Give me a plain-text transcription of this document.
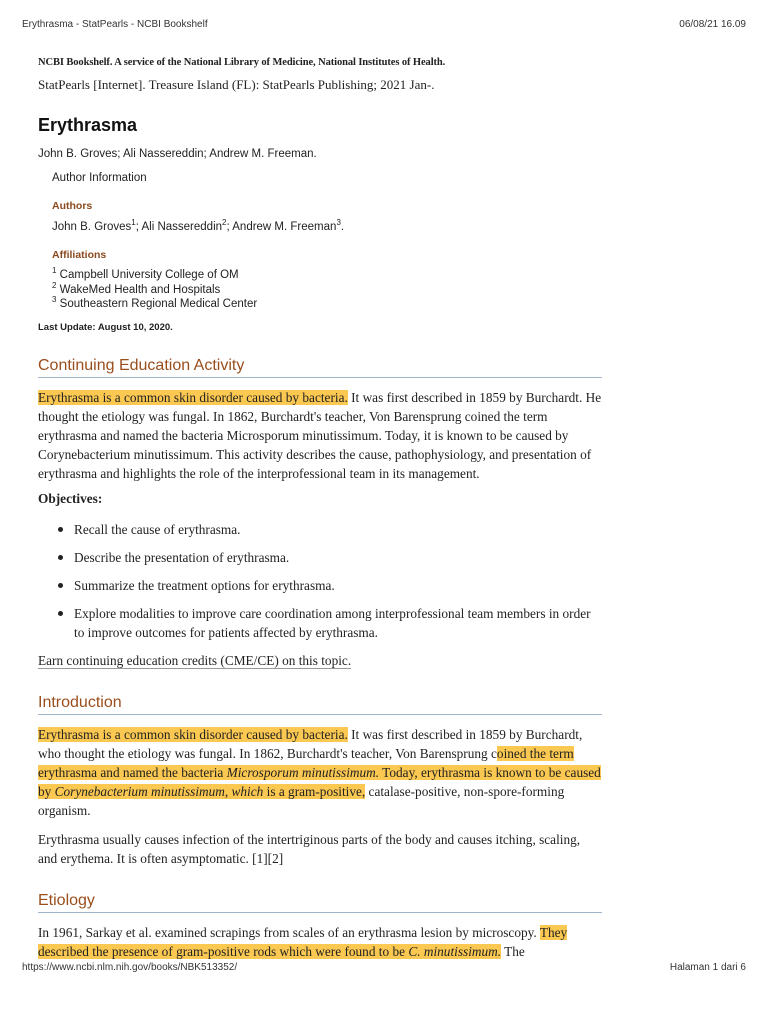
Erythrasma - StatPearls - NCBI Bookshelf	06/08/21 16.09
NCBI Bookshelf. A service of the National Library of Medicine, National Institutes of Health.
StatPearls [Internet]. Treasure Island (FL): StatPearls Publishing; 2021 Jan-.
Erythrasma
John B. Groves; Ali Nassereddin; Andrew M. Freeman.
Author Information
Authors
John B. Groves$^1$; Ali Nassereddin$^2$; Andrew M. Freeman$^3$.
Affiliations
$^1$ Campbell University College of OM
$^2$ WakeMed Health and Hospitals
$^3$ Southeastern Regional Medical Center
Last Update: August 10, 2020.
Continuing Education Activity

Erythrasma is a common skin disorder caused by bacteria. It was first described in 1859 by Burchardt. He thought the etiology was fungal. In 1862, Burchardt's teacher, Von Barensprung coined the term erythrasma and named the bacteria Microsporum minutissimum. Today, it is known to be caused by Corynebacterium minutissimum. This activity describes the cause, pathophysiology, and presentation of erythrasma and highlights the role of the interprofessional team in its management.

Objectives:
Recall the cause of erythrasma.
Describe the presentation of erythrasma.
Summarize the treatment options for erythrasma.
Explore modalities to improve care coordination among interprofessional team members in order to improve outcomes for patients affected by erythrasma.

Earn continuing education credits (CME/CE) on this topic.

Introduction

Erythrasma is a common skin disorder caused by bacteria. It was first described in 1859 by Burchardt, who thought the etiology was fungal. In 1862, Burchardt's teacher, Von Barensprung coined the term erythrasma and named the bacteria Microsporum minutissimum. Today, erythrasma is known to be caused by Corynebacterium minutissimum, which is a gram-positive, catalase-positive, non-spore-forming organism.

Erythrasma usually causes infection of the intertriginous parts of the body and causes itching, scaling, and erythema. It is often asymptomatic. [1][2]

Etiology

In 1961, Sarkay et al. examined scrapings from scales of an erythrasma lesion by microscopy. They described the presence of gram-positive rods which were found to be C. minutissimum. The

https://www.ncbi.nlm.nih.gov/books/NBK513352/	Halaman 1 dari 6
